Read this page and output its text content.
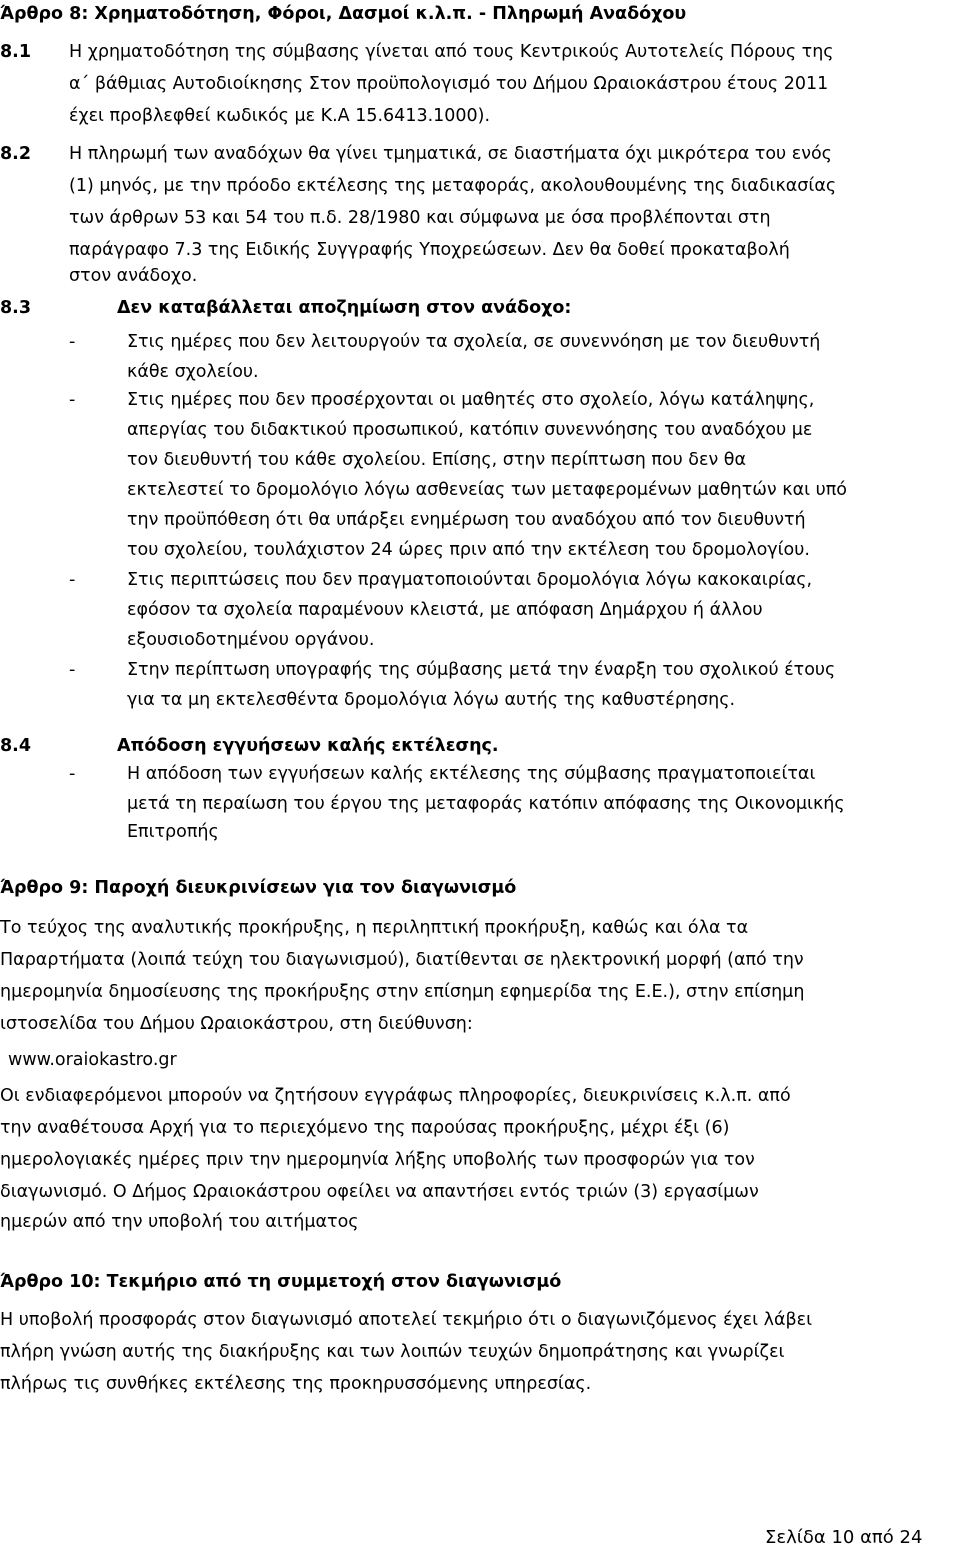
Άρθρο 8: Χρηματοδότηση, Φόροι, Δασμοί κ.λ.π. - Πληρωμή Αναδόχου
8.1 Η χρηματοδότηση της σύμβασης γίνεται από τους Κεντρικούς Αυτοτελείς Πόρους της
α΄ βάθμιας Αυτοδιοίκησης Στον προϋπολογισμό του Δήμου Ωραιοκάστρου έτους 2011
έχει προβλεφθεί κωδικός με Κ.Α 15.6413.1000).
8.2 Η πληρωμή των αναδόχων θα γίνει τμηματικά, σε διαστήματα όχι μικρότερα του ενός
(1) μηνός, με την πρόοδο εκτέλεσης της μεταφοράς, ακολουθουμένης της διαδικασίας
των άρθρων 53 και 54 του π.δ. 28/1980 και σύμφωνα με όσα προβλέπονται στη
παράγραφο 7.3 της Ειδικής Συγγραφής Υποχρεώσεων. Δεν θα δοθεί προκαταβολή
στον ανάδοχο.
8.3	Δεν καταβάλλεται αποζημίωση στον ανάδοχο:
-	Στις ημέρες που δεν λειτουργούν τα σχολεία, σε συνεννόηση με τον διευθυντή
κάθε σχολείου.
-	Στις ημέρες που δεν προσέρχονται οι μαθητές στο σχολείο, λόγω κατάληψης,
απεργίας του διδακτικού προσωπικού, κατόπιν συνεννόησης του αναδόχου με
τον διευθυντή του κάθε σχολείου. Επίσης, στην περίπτωση που δεν θα
εκτελεστεί το δρομολόγιο λόγω ασθενείας των μεταφερομένων μαθητών και υπό
την προϋπόθεση ότι θα υπάρξει ενημέρωση του αναδόχου από τον διευθυντή
του σχολείου, τουλάχιστον 24 ώρες πριν από την εκτέλεση του δρομολογίου.
-	Στις περιπτώσεις που δεν πραγματοποιούνται δρομολόγια λόγω κακοκαιρίας,
εφόσον τα σχολεία παραμένουν κλειστά, με απόφαση Δημάρχου ή άλλου
εξουσιοδοτημένου οργάνου.
-	Στην περίπτωση υπογραφής της σύμβασης μετά την έναρξη του σχολικού έτους
για τα μη εκτελεσθέντα δρομολόγια λόγω αυτής της καθυστέρησης.
8.4	Απόδοση εγγυήσεων καλής εκτέλεσης.
-	Η απόδοση των εγγυήσεων καλής εκτέλεσης της σύμβασης πραγματοποιείται
μετά τη περαίωση του έργου της μεταφοράς κατόπιν απόφασης της Οικονομικής
Επιτροπής
Άρθρο 9: Παροχή διευκρινίσεων για τον διαγωνισμό
Το τεύχος της αναλυτικής προκήρυξης, η περιληπτική προκήρυξη, καθώς και όλα τα
Παραρτήματα (λοιπά τεύχη του διαγωνισμού), διατίθενται σε ηλεκτρονική μορφή (από την
ημερομηνία δημοσίευσης της προκήρυξης στην επίσημη εφημερίδα της Ε.Ε.), στην επίσημη
ιστοσελίδα του Δήμου Ωραιοκάστρου, στη διεύθυνση:
www.oraiokastro.gr
Οι ενδιαφερόμενοι μπορούν να ζητήσουν εγγράφως πληροφορίες, διευκρινίσεις κ.λ.π. από
την αναθέτουσα Αρχή για το περιεχόμενο της παρούσας προκήρυξης, μέχρι έξι (6)
ημερολογιακές ημέρες πριν την ημερομηνία λήξης υποβολής των προσφορών για τον
διαγωνισμό. Ο Δήμος Ωραιοκάστρου οφείλει να απαντήσει εντός τριών (3) εργασίμων
ημερών από την υποβολή του αιτήματος
Άρθρο 10: Τεκμήριο από τη συμμετοχή στον διαγωνισμό
Η υποβολή προσφοράς στον διαγωνισμό αποτελεί τεκμήριο ότι ο διαγωνιζόμενος έχει λάβει
πλήρη γνώση αυτής της διακήρυξης και των λοιπών τευχών δημοπράτησης και γνωρίζει
πλήρως τις συνθήκες εκτέλεσης της προκηρυσσόμενης υπηρεσίας.
Σελίδα 10 από 24
